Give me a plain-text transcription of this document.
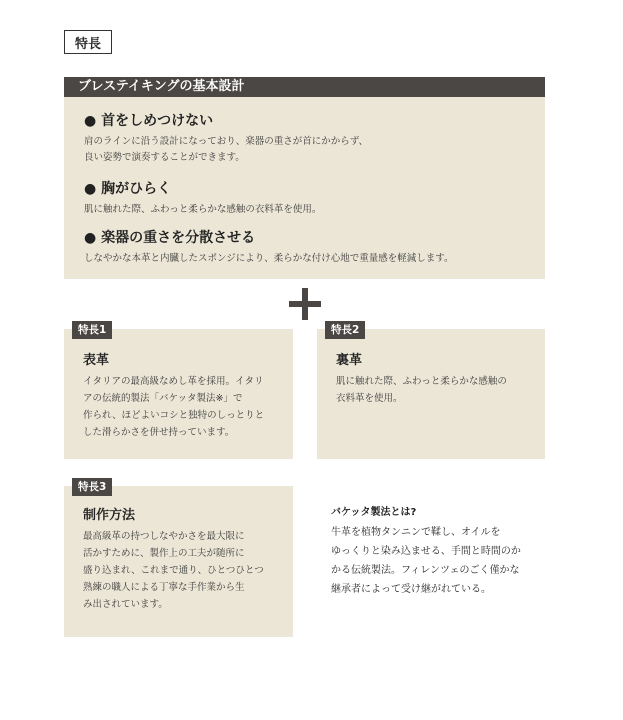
特長
ブレステイキングの基本設計
● 首をしめつけない
肩のラインに沿う設計になっており、楽器の重さが首にかからず、
良い姿勢で演奏することができます。
● 胸がひらく
肌に触れた際、ふわっと柔らかな感触の衣料革を使用。
● 楽器の重さを分散させる
しなやかな本革と内臓したスポンジにより、柔らかな付け心地で重量感を軽減します。
特長1
表革
イタリアの最高級なめし革を採用。イタリ
アの伝統的製法「バケッタ製法※」で
作られ、ほどよいコシと独特のしっとりと
した滑らかさを併せ持っています。
特長2
裏革
肌に触れた際、ふわっと柔らかな感触の
衣料革を使用。
特長3
制作方法
最高級革の持つしなやかさを最大限に
活かすために、製作上の工夫が随所に
盛り込まれ、これまで通り、ひとつひとつ
熟練の職人による丁寧な手作業から生
み出されています。
バケッタ製法とは?
牛革を植物タンニンで鞣し、オイルを
ゆっくりと染み込ませる、手間と時間のか
かる伝統製法。フィレンツェのごく僅かな
継承者によって受け継がれている。
